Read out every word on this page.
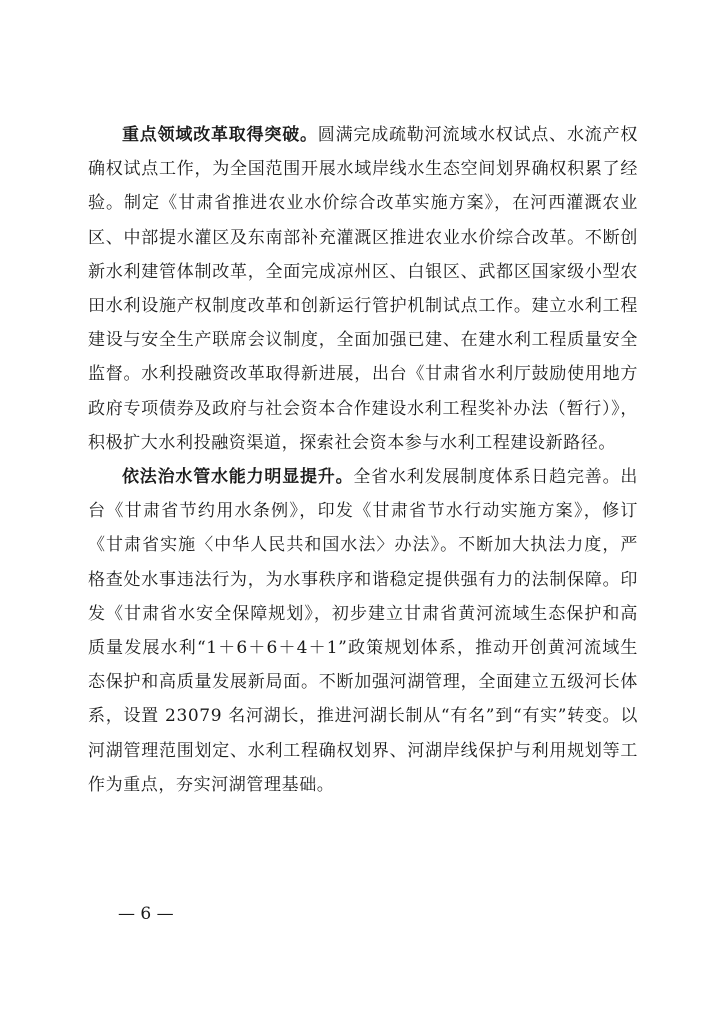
重点领域改革取得突破。圆满完成疏勒河流域水权试点、水流产权确权试点工作，为全国范围开展水域岸线水生态空间划界确权积累了经验。制定《甘肃省推进农业水价综合改革实施方案》，在河西灌溉农业区、中部提水灌区及东南部补充灌溉区推进农业水价综合改革。不断创新水利建管体制改革，全面完成凉州区、白银区、武都区国家级小型农田水利设施产权制度改革和创新运行管护机制试点工作。建立水利工程建设与安全生产联席会议制度，全面加强已建、在建水利工程质量安全监督。水利投融资改革取得新进展，出台《甘肃省水利厅鼓励使用地方政府专项债券及政府与社会资本合作建设水利工程奖补办法（暂行）》，积极扩大水利投融资渠道，探索社会资本参与水利工程建设新路径。

依法治水管水能力明显提升。全省水利发展制度体系日趋完善。出台《甘肃省节约用水条例》，印发《甘肃省节水行动实施方案》，修订《甘肃省实施〈中华人民共和国水法〉办法》。不断加大执法力度，严格查处水事违法行为，为水事秩序和谐稳定提供强有力的法制保障。印发《甘肃省水安全保障规划》，初步建立甘肃省黄河流域生态保护和高质量发展水利“1＋6＋6＋4＋1”政策规划体系，推动开创黄河流域生态保护和高质量发展新局面。不断加强河湖管理，全面建立五级河长体系，设置 23079 名河湖长，推进河湖长制从“有名”到“有实”转变。以河湖管理范围划定、水利工程确权划界、河湖岸线保护与利用规划等工作为重点，夯实河湖管理基础。

— 6 —
